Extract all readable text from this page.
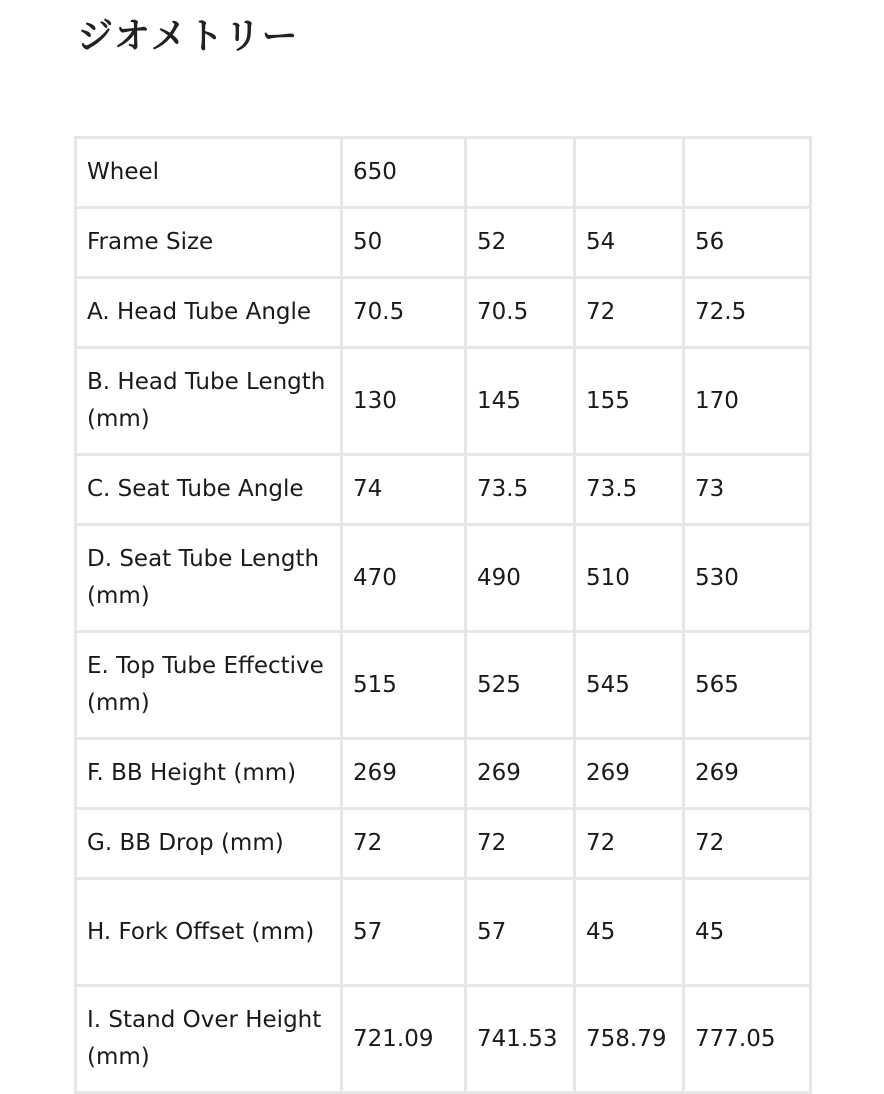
ジオメトリー
Wheel	650			
Frame Size	50	52	54	56
A. Head Tube Angle	70.5	70.5	72	72.5
B. Head Tube Length (mm)	130	145	155	170
C. Seat Tube Angle	74	73.5	73.5	73
D. Seat Tube Length (mm)	470	490	510	530
E. Top Tube Effective (mm)	515	525	545	565
F. BB Height (mm)	269	269	269	269
G. BB Drop (mm)	72	72	72	72
H. Fork Offset (mm)	57	57	45	45
I. Stand Over Height (mm)	721.09	741.53	758.79	777.05
